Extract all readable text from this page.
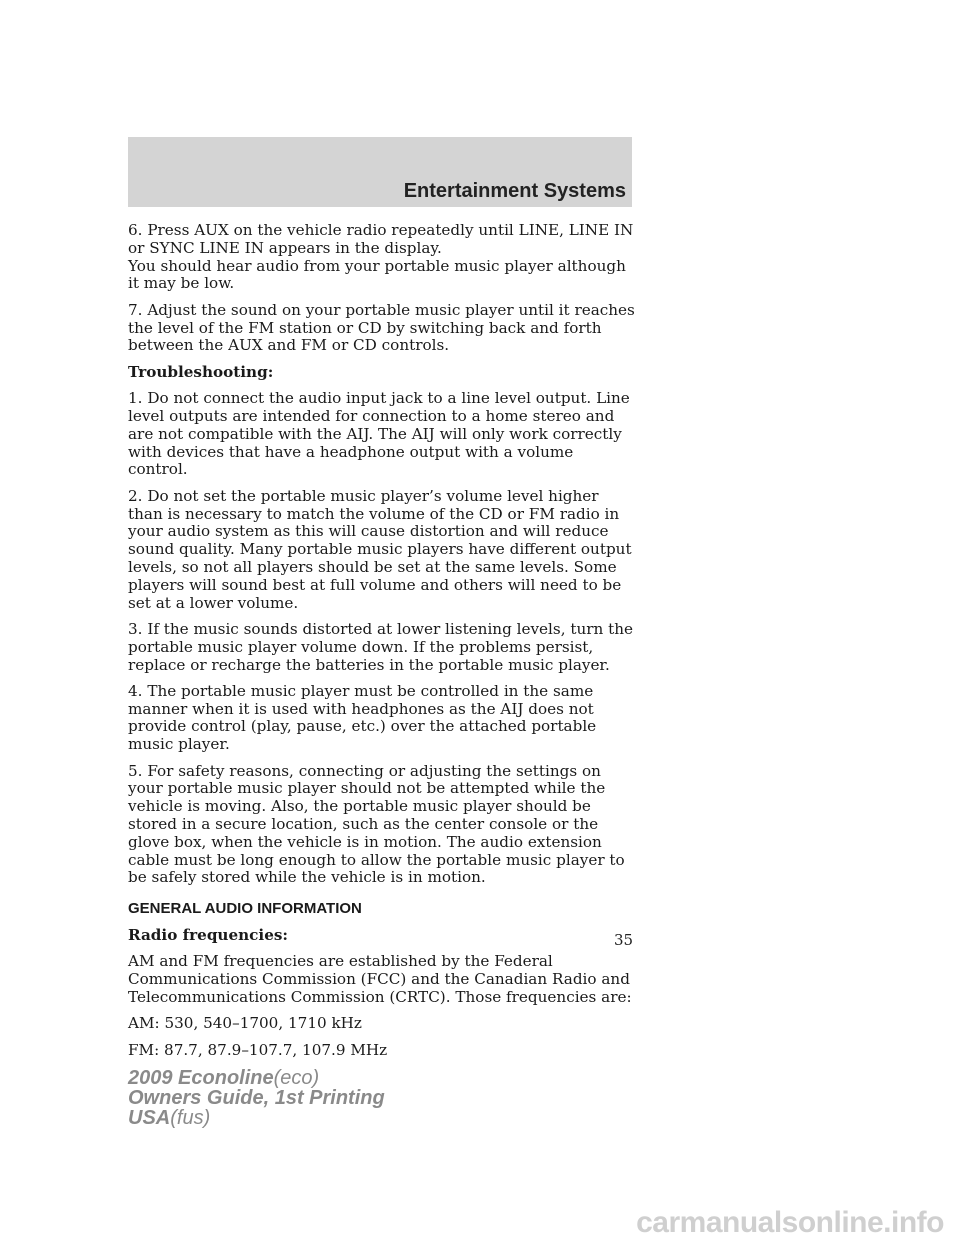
Entertainment Systems

6. Press AUX on the vehicle radio repeatedly until LINE, LINE IN or SYNC LINE IN appears in the display.

You should hear audio from your portable music player although it may be low.

7. Adjust the sound on your portable music player until it reaches the level of the FM station or CD by switching back and forth between the AUX and FM or CD controls.

Troubleshooting:

1. Do not connect the audio input jack to a line level output. Line level outputs are intended for connection to a home stereo and are not compatible with the AIJ. The AIJ will only work correctly with devices that have a headphone output with a volume control.

2. Do not set the portable music player’s volume level higher than is necessary to match the volume of the CD or FM radio in your audio system as this will cause distortion and will reduce sound quality. Many portable music players have different output levels, so not all players should be set at the same levels. Some players will sound best at full volume and others will need to be set at a lower volume.

3. If the music sounds distorted at lower listening levels, turn the portable music player volume down. If the problems persist, replace or recharge the batteries in the portable music player.

4. The portable music player must be controlled in the same manner when it is used with headphones as the AIJ does not provide control (play, pause, etc.) over the attached portable music player.

5. For safety reasons, connecting or adjusting the settings on your portable music player should not be attempted while the vehicle is moving. Also, the portable music player should be stored in a secure location, such as the center console or the glove box, when the vehicle is in motion. The audio extension cable must be long enough to allow the portable music player to be safely stored while the vehicle is in motion.

GENERAL AUDIO INFORMATION

Radio frequencies:

AM and FM frequencies are established by the Federal Communications Commission (FCC) and the Canadian Radio and Telecommunications Commission (CRTC). Those frequencies are:

AM: 530, 540–1700, 1710 kHz

FM: 87.7, 87.9–107.7, 107.9 MHz

35
2009 Econoline(eco)
Owners Guide, 1st Printing
USA(fus)
carmanualsonline.info
